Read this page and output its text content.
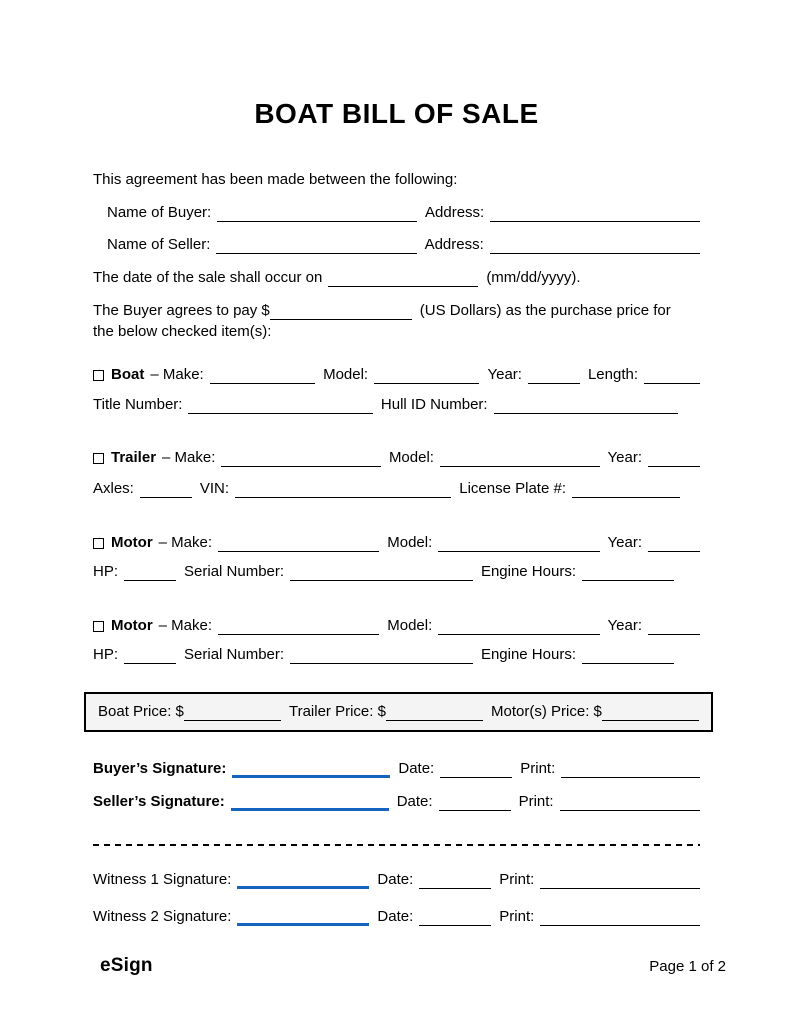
BOAT BILL OF SALE
This agreement has been made between the following:
Name of Buyer:	Address:
Name of Seller:	Address:
The date of the sale shall occur on	(mm/dd/yyyy).
The Buyer agrees to pay $	(US Dollars) as the purchase price for
the below checked item(s):
Boat – Make:	Model:	Year:	Length:
Title Number:	Hull ID Number:
Trailer – Make:	Model:	Year:
Axles:	VIN:	License Plate #:
Motor – Make:	Model:	Year:
HP:	Serial Number:	Engine Hours:
Motor – Make:	Model:	Year:
HP:	Serial Number:	Engine Hours:
Boat Price: $	Trailer Price: $	Motor(s) Price: $
Buyer’s Signature:	Date:	Print:
Seller’s Signature:	Date:	Print:
Witness 1 Signature:	Date:	Print:
Witness 2 Signature:	Date:	Print:
eSign	Page 1 of 2
